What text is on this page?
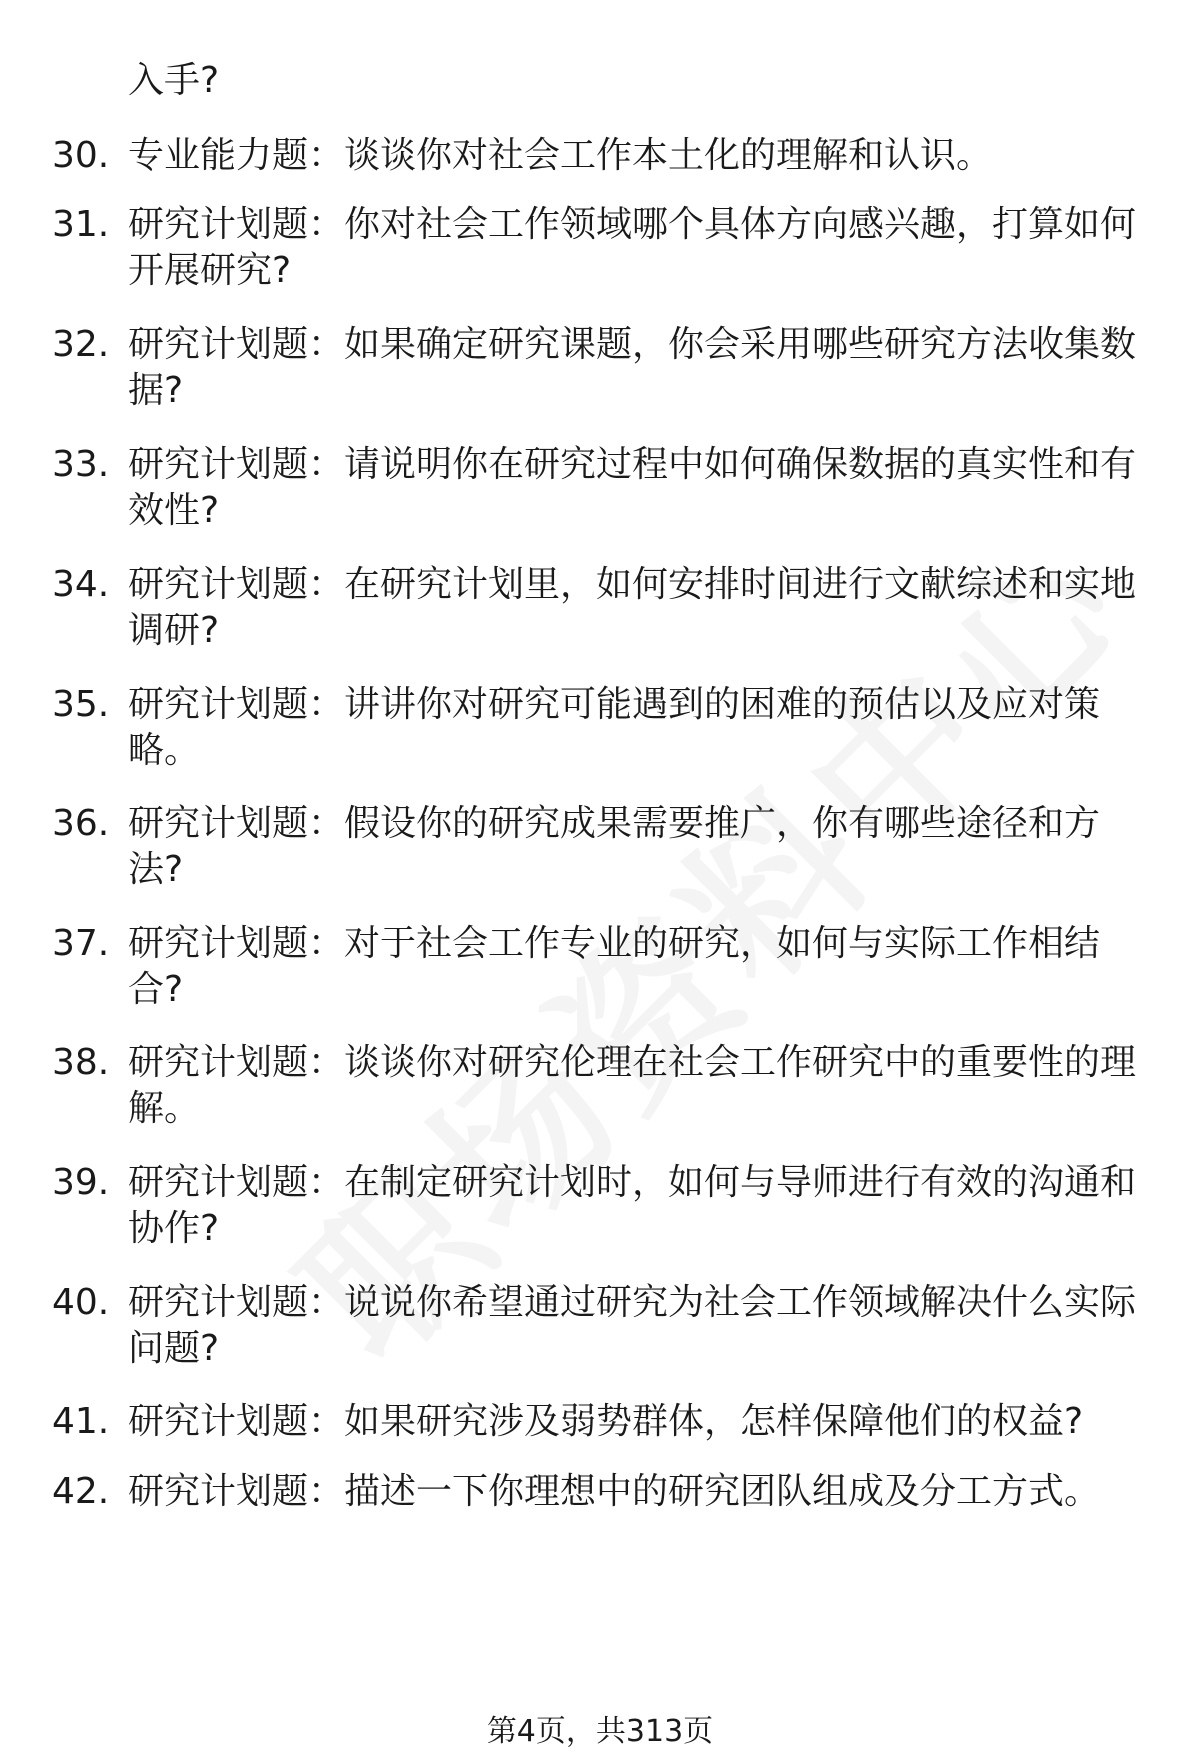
入手?
30. 专业能力题：谈谈你对社会工作本土化的理解和认识。
31. 研究计划题：你对社会工作领域哪个具体方向感兴趣，打算如何开展研究?
32. 研究计划题：如果确定研究课题，你会采用哪些研究方法收集数据?
33. 研究计划题：请说明你在研究过程中如何确保数据的真实性和有效性?
34. 研究计划题：在研究计划里，如何安排时间进行文献综述和实地调研?
35. 研究计划题：讲讲你对研究可能遇到的困难的预估以及应对策略。
36. 研究计划题：假设你的研究成果需要推广，你有哪些途径和方法?
37. 研究计划题：对于社会工作专业的研究，如何与实际工作相结合?
38. 研究计划题：谈谈你对研究伦理在社会工作研究中的重要性的理解。
39. 研究计划题：在制定研究计划时，如何与导师进行有效的沟通和协作?
40. 研究计划题：说说你希望通过研究为社会工作领域解决什么实际问题?
41. 研究计划题：如果研究涉及弱势群体，怎样保障他们的权益?
42. 研究计划题：描述一下你理想中的研究团队组成及分工方式。
第4页，共313页
